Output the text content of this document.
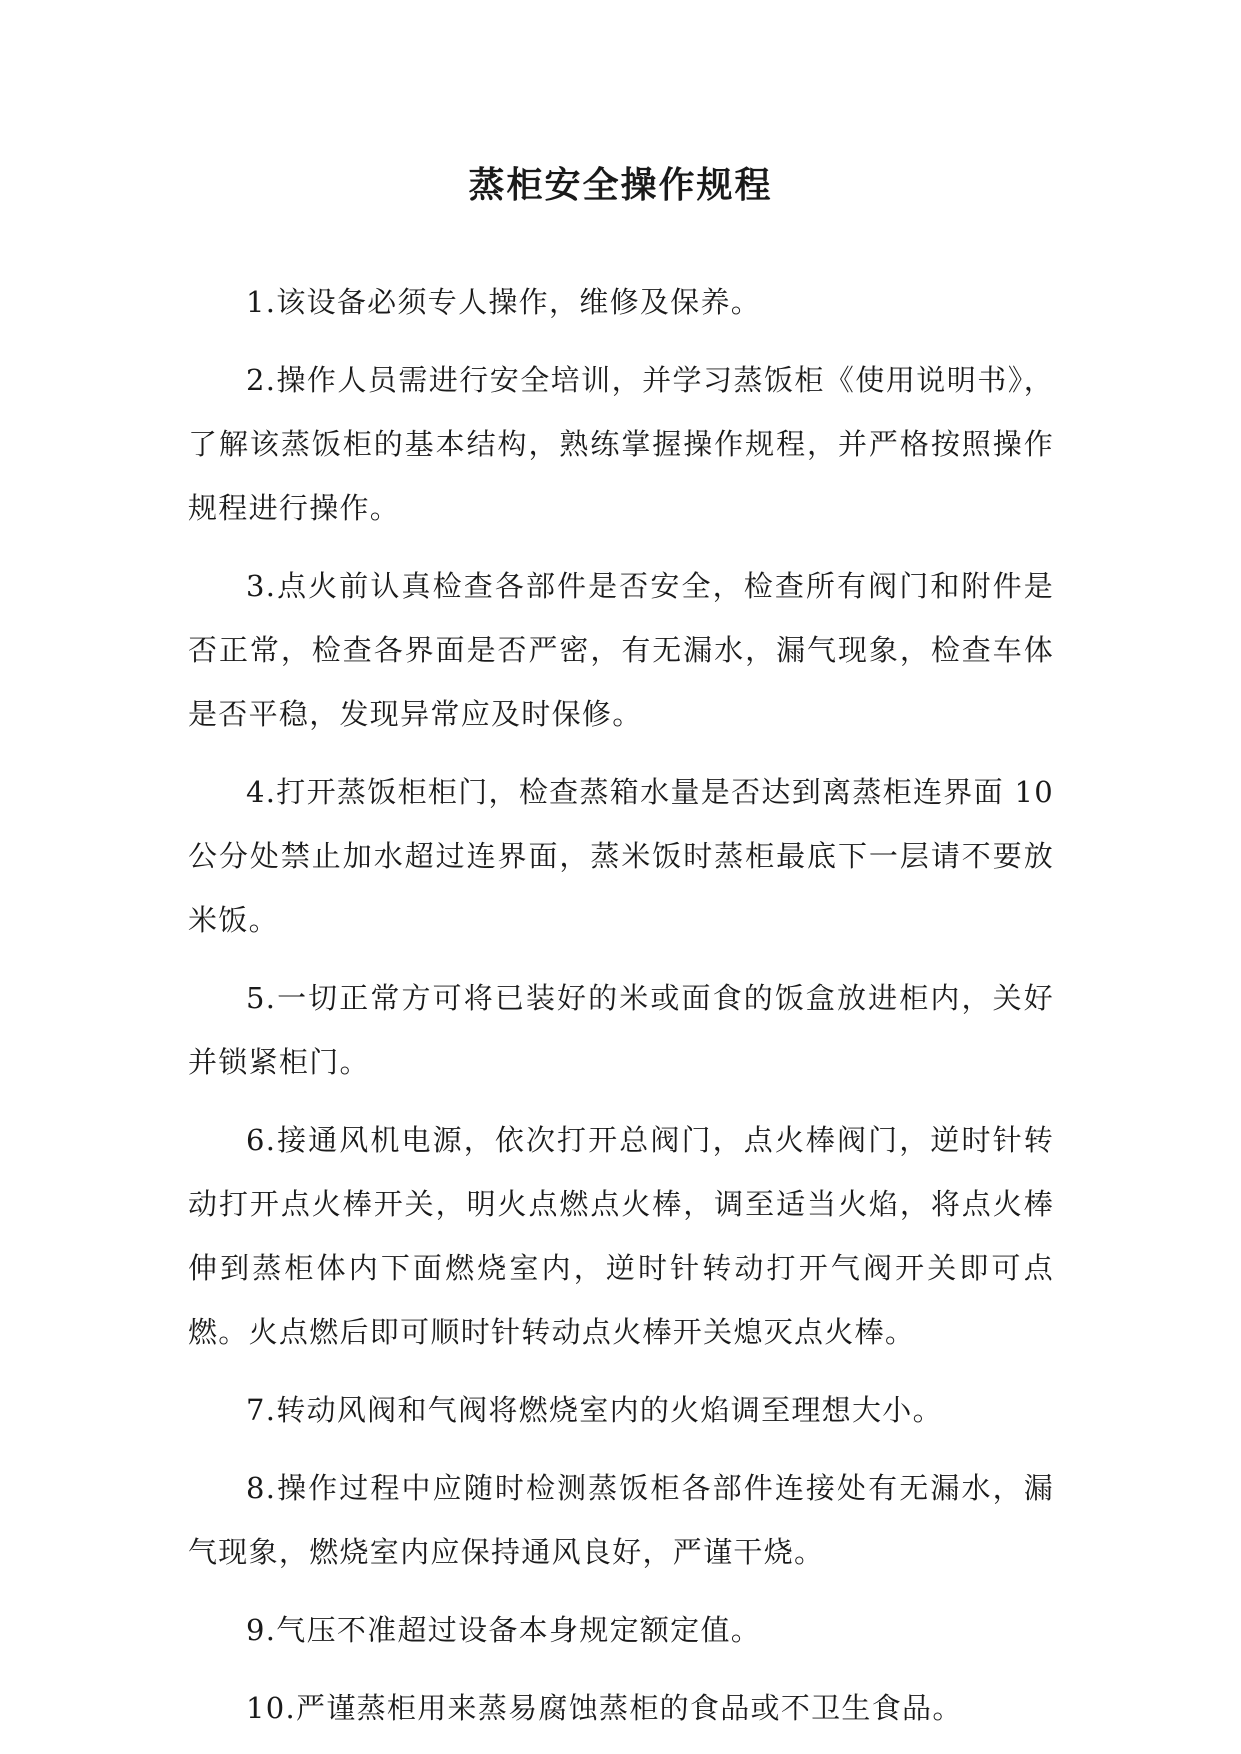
蒸柜安全操作规程

1.该设备必须专人操作，维修及保养。

2.操作人员需进行安全培训，并学习蒸饭柜《使用说明书》，了解该蒸饭柜的基本结构，熟练掌握操作规程，并严格按照操作规程进行操作。

3.点火前认真检查各部件是否安全，检查所有阀门和附件是否正常，检查各界面是否严密，有无漏水，漏气现象，检查车体是否平稳，发现异常应及时保修。

4.打开蒸饭柜柜门，检查蒸箱水量是否达到离蒸柜连界面 10 公分处禁止加水超过连界面，蒸米饭时蒸柜最底下一层请不要放米饭。

5.一切正常方可将已装好的米或面食的饭盒放进柜内，关好并锁紧柜门。

6.接通风机电源，依次打开总阀门，点火棒阀门，逆时针转动打开点火棒开关，明火点燃点火棒，调至适当火焰，将点火棒伸到蒸柜体内下面燃烧室内，逆时针转动打开气阀开关即可点燃。火点燃后即可顺时针转动点火棒开关熄灭点火棒。

7.转动风阀和气阀将燃烧室内的火焰调至理想大小。

8.操作过程中应随时检测蒸饭柜各部件连接处有无漏水，漏气现象，燃烧室内应保持通风良好，严谨干烧。

9.气压不准超过设备本身规定额定值。

10.严谨蒸柜用来蒸易腐蚀蒸柜的食品或不卫生食品。
